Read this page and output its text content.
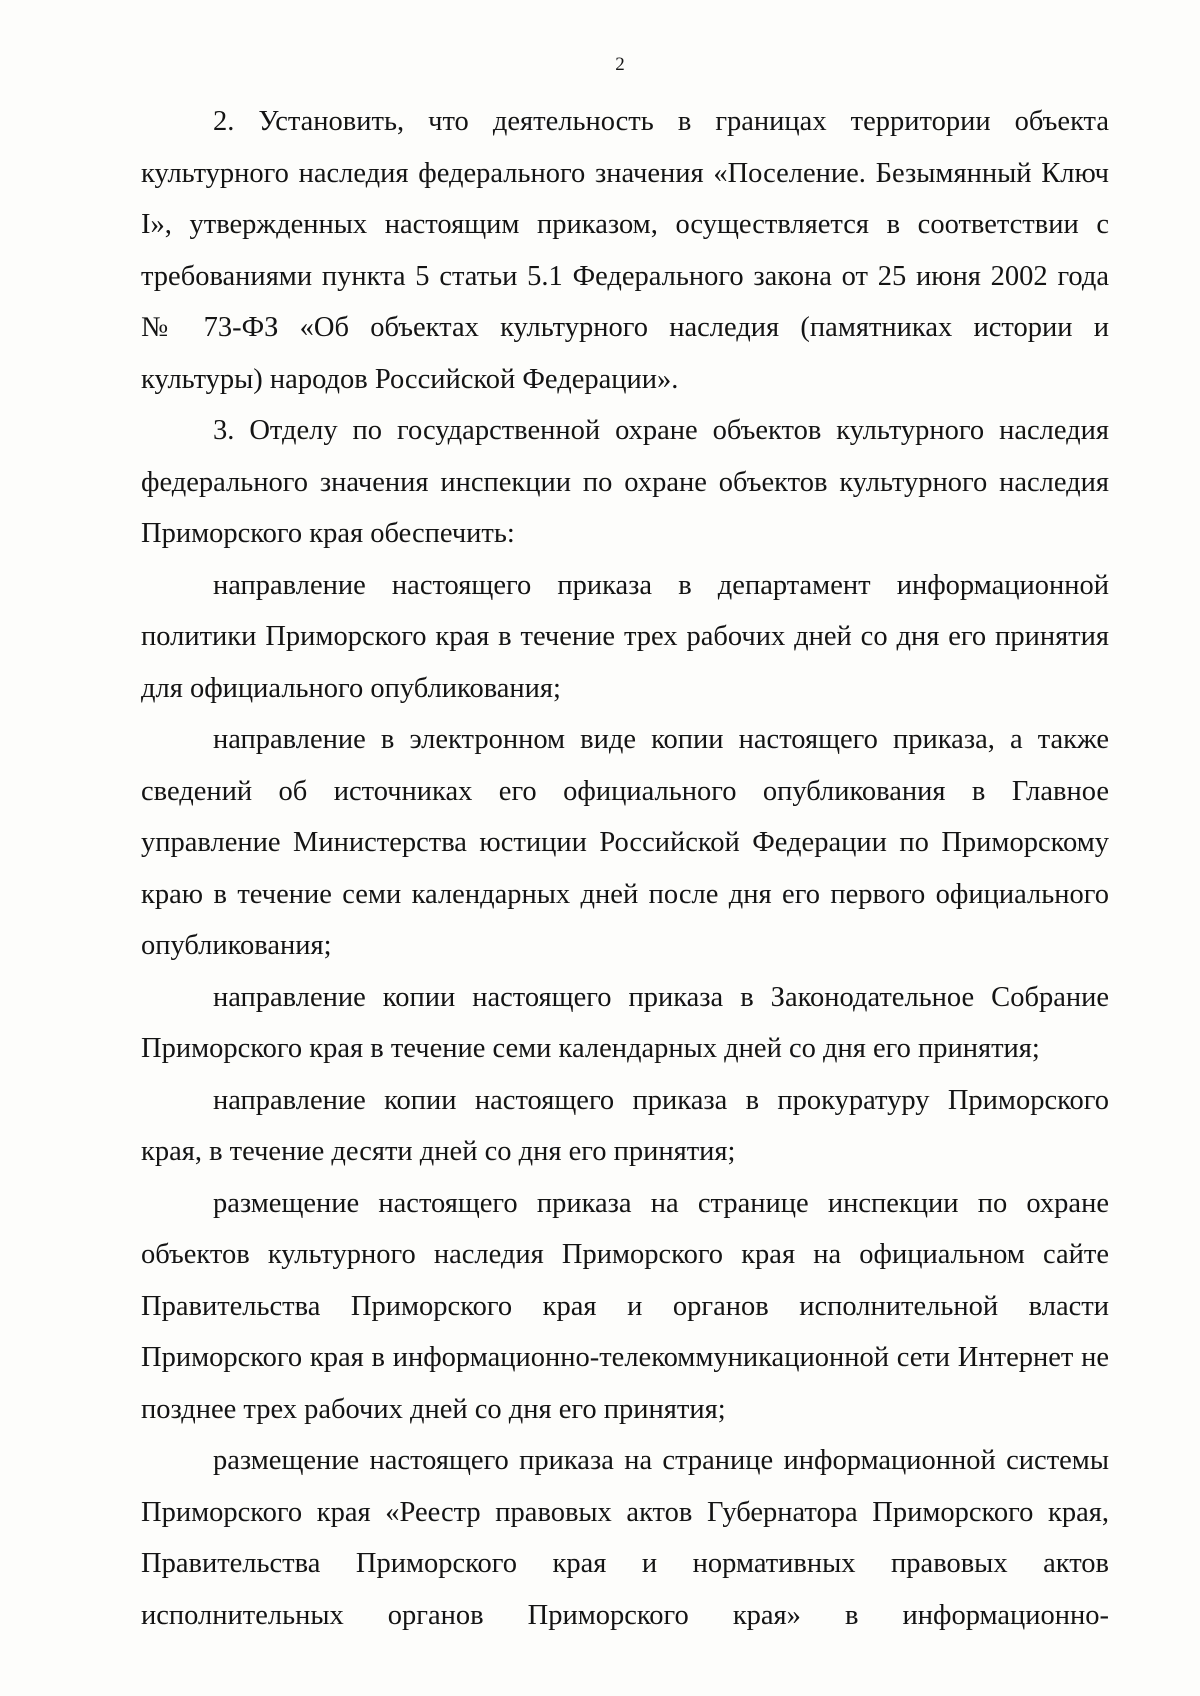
2

2. Установить, что деятельность в границах территории объекта культурного наследия федерального значения «Поселение. Безымянный Ключ I», утвержденных настоящим приказом, осуществляется в соответствии с требованиями пункта 5 статьи 5.1 Федерального закона от 25 июня 2002 года № 73-ФЗ «Об объектах культурного наследия (памятниках истории и культуры) народов Российской Федерации».

3. Отделу по государственной охране объектов культурного наследия федерального значения инспекции по охране объектов культурного наследия Приморского края обеспечить:

направление настоящего приказа в департамент информационной политики Приморского края в течение трех рабочих дней со дня его принятия для официального опубликования;

направление в электронном виде копии настоящего приказа, а также сведений об источниках его официального опубликования в Главное управление Министерства юстиции Российской Федерации по Приморскому краю в течение семи календарных дней после дня его первого официального опубликования;

направление копии настоящего приказа в Законодательное Собрание Приморского края в течение семи календарных дней со дня его принятия;

направление копии настоящего приказа в прокуратуру Приморского края, в течение десяти дней со дня его принятия;

размещение настоящего приказа на странице инспекции по охране объектов культурного наследия Приморского края на официальном сайте Правительства Приморского края и органов исполнительной власти Приморского края в информационно-телекоммуникационной сети Интернет не позднее трех рабочих дней со дня его принятия;

размещение настоящего приказа на странице информационной системы Приморского края «Реестр правовых актов Губернатора Приморского края, Правительства Приморского края и нормативных правовых актов исполнительных органов Приморского края» в информационно-
